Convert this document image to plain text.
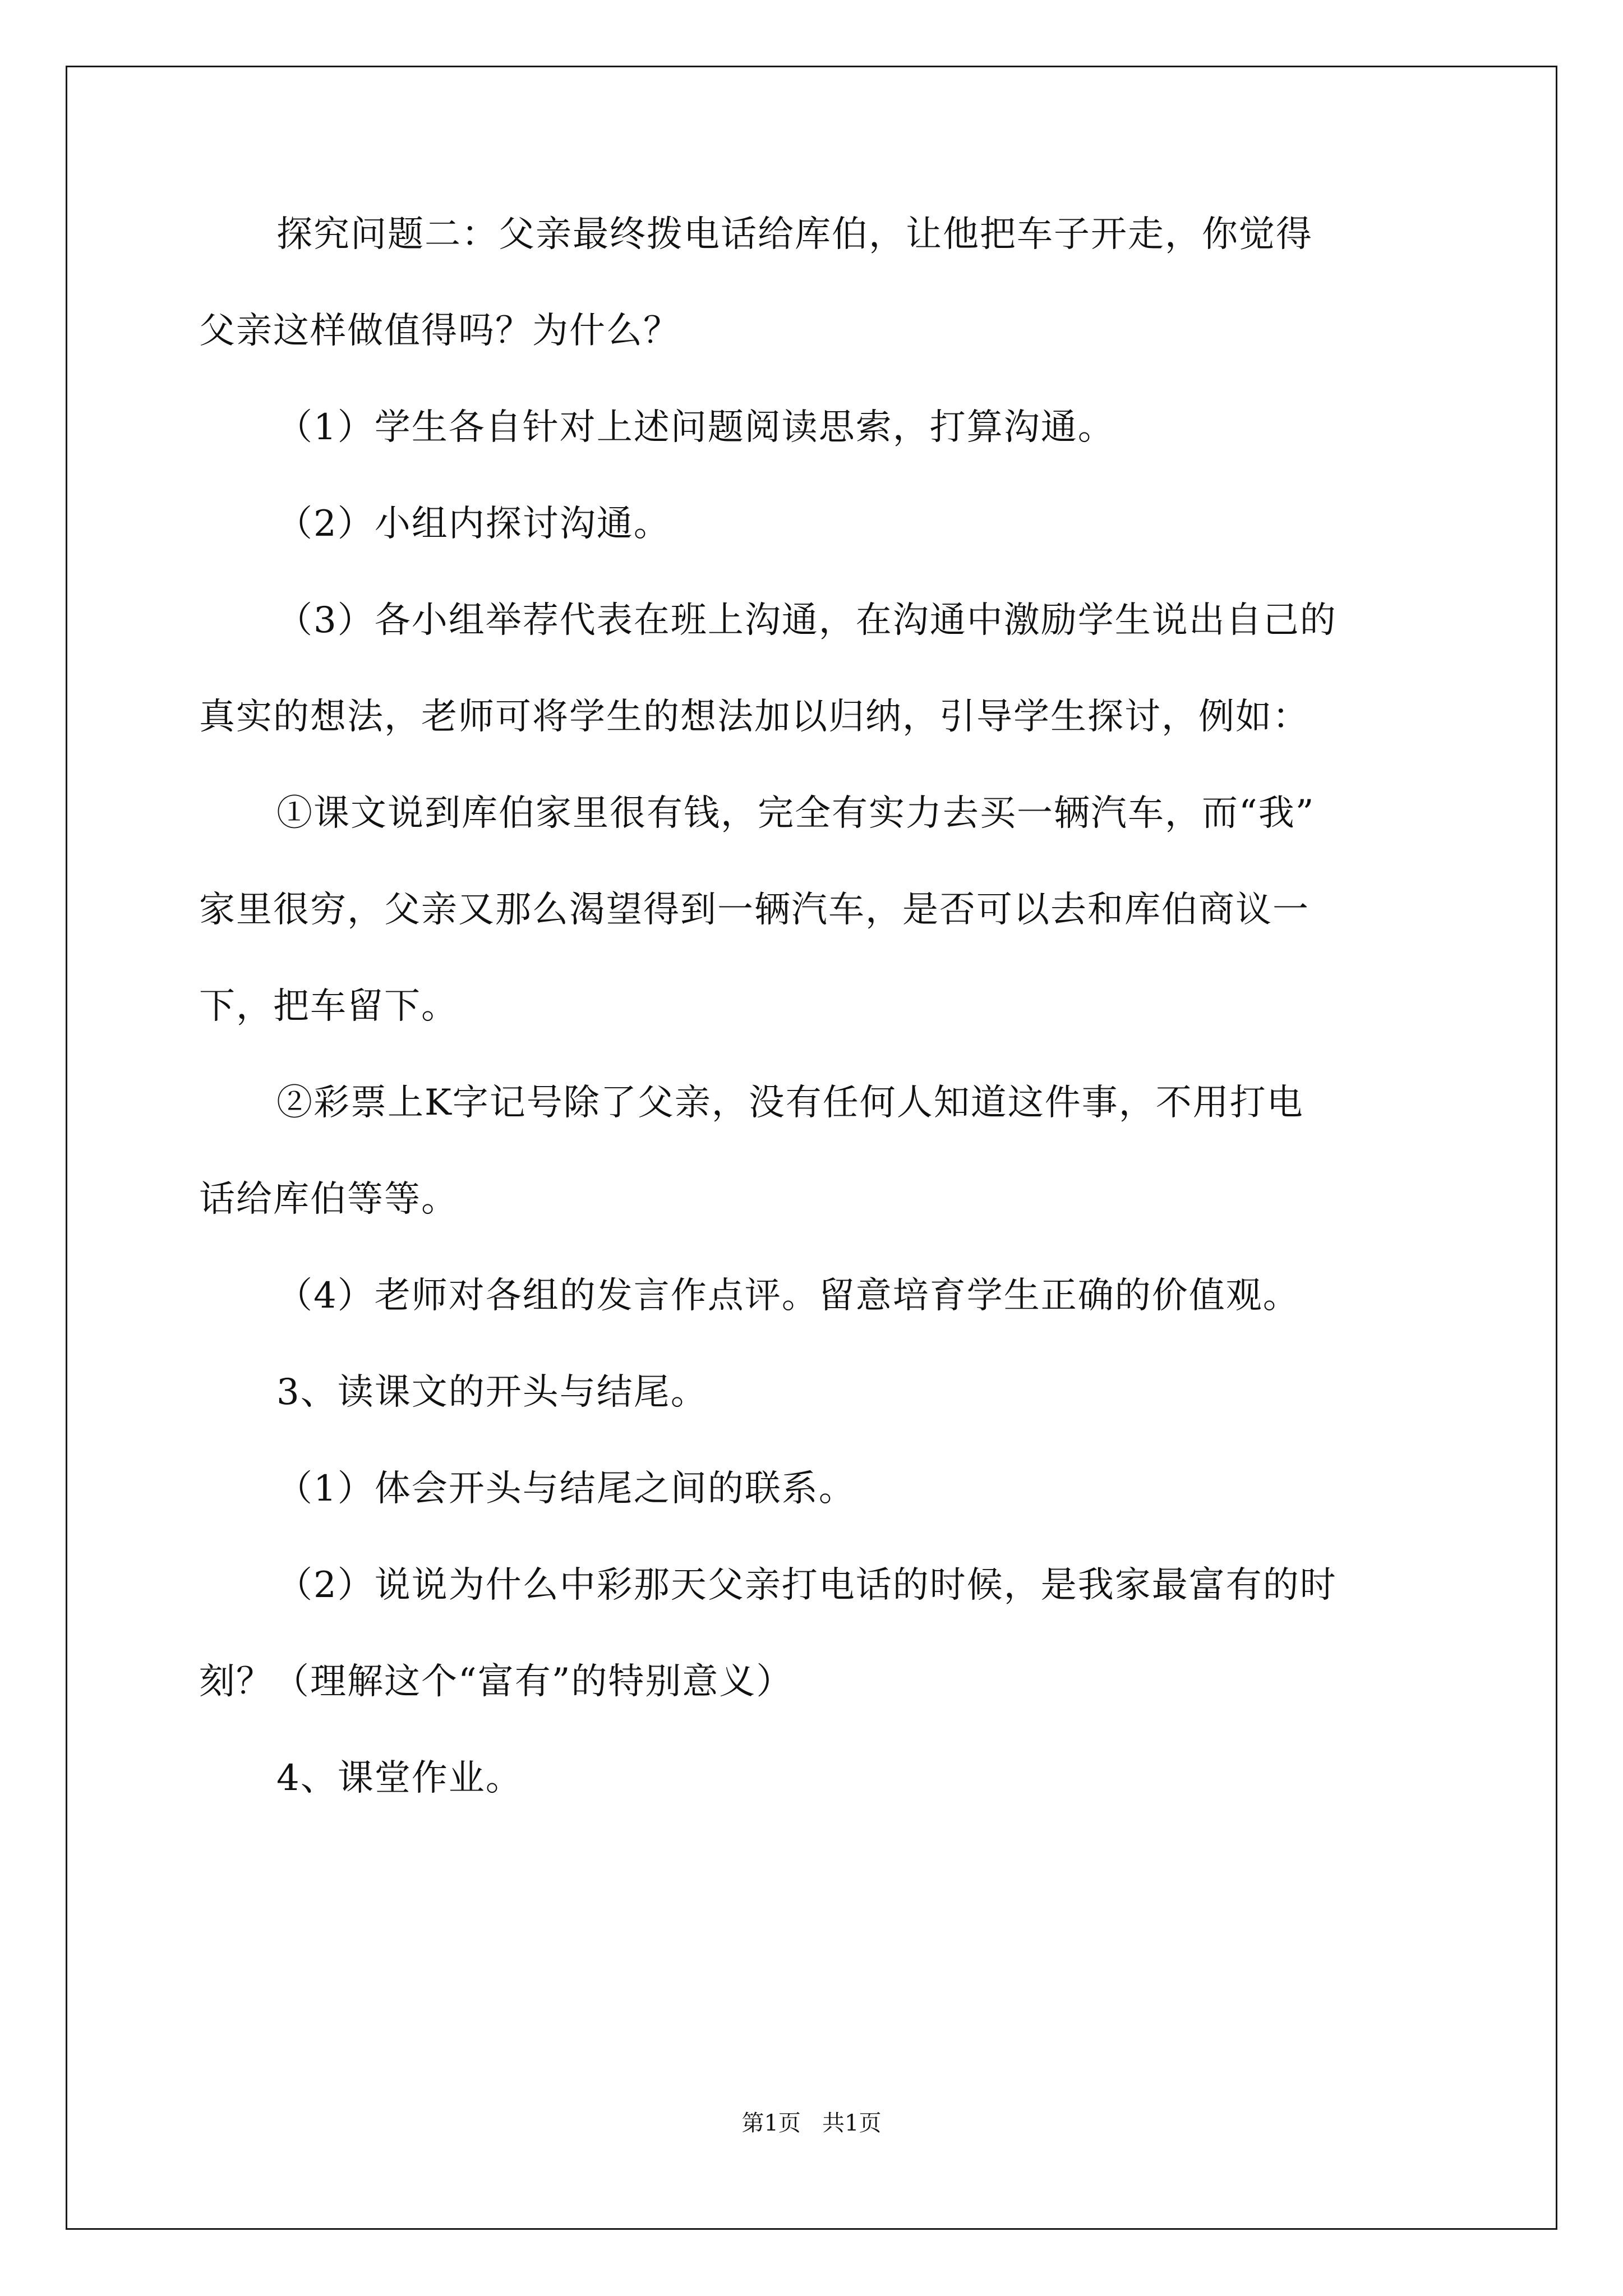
探究问题二：父亲最终拨电话给库伯，让他把车子开走，你觉得
父亲这样做值得吗？为什么？
（1）学生各自针对上述问题阅读思索，打算沟通。
（2）小组内探讨沟通。
（3）各小组举荐代表在班上沟通，在沟通中激励学生说出自己的
真实的想法，老师可将学生的想法加以归纳，引导学生探讨，例如：
①课文说到库伯家里很有钱，完全有实力去买一辆汽车，而“我”
家里很穷，父亲又那么渴望得到一辆汽车，是否可以去和库伯商议一
下，把车留下。
②彩票上K字记号除了父亲，没有任何人知道这件事，不用打电
话给库伯等等。
（4）老师对各组的发言作点评。留意培育学生正确的价值观。
3、读课文的开头与结尾。
（1）体会开头与结尾之间的联系。
（2）说说为什么中彩那天父亲打电话的时候，是我家最富有的时
刻？（理解这个“富有”的特别意义）
4、课堂作业。
第1页   共1页
